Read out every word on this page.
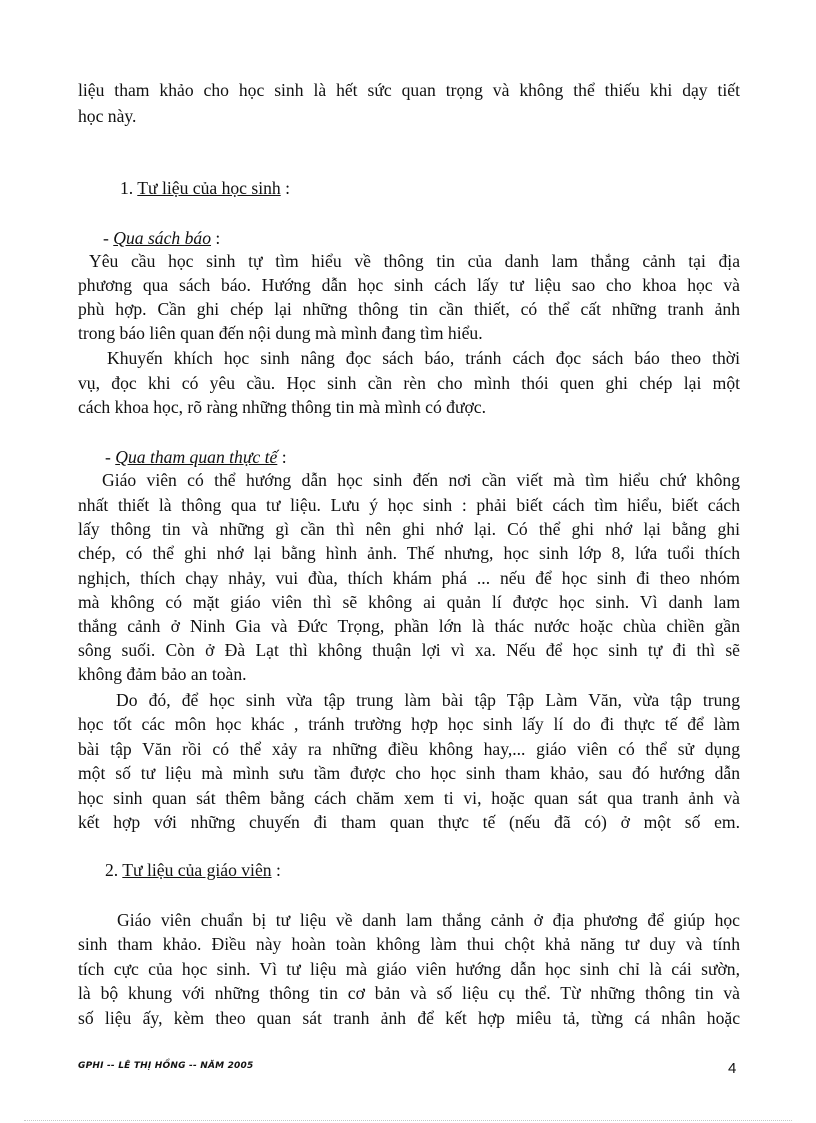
liệu tham khảo cho học sinh là hết sức quan trọng và không thể thiếu khi dạy tiết
học này.
1. Tư liệu của học sinh :
- Qua sách báo :
Yêu cầu học sinh tự tìm hiểu về thông tin của danh lam thắng cảnh tại địa
phương qua sách báo. Hướng dẫn học sinh cách lấy tư liệu sao cho khoa học và
phù hợp. Cần ghi chép lại những thông tin cần thiết, có thể cất những tranh ảnh
trong báo liên quan đến nội dung mà mình đang tìm hiểu.
Khuyến khích học sinh nâng đọc sách báo, tránh cách đọc sách báo theo thời
vụ, đọc khi có yêu cầu. Học sinh cần rèn cho mình thói quen ghi chép lại một
cách khoa học, rõ ràng những thông tin mà mình có được.
- Qua tham quan thực tế :
Giáo viên có thể hướng dẫn học sinh đến nơi cần viết mà tìm hiểu chứ không
nhất thiết là thông qua tư liệu. Lưu ý học sinh : phải biết cách tìm hiểu, biết cách
lấy thông tin và những gì cần thì nên ghi nhớ lại. Có thể ghi nhớ lại bằng ghi
chép, có thể ghi nhớ lại bằng hình ảnh. Thế nhưng, học sinh lớp 8, lứa tuổi thích
nghịch, thích chạy nhảy, vui đùa, thích khám phá ... nếu để học sinh đi theo nhóm
mà không có mặt giáo viên thì sẽ không ai quản lí được học sinh. Vì danh lam
thắng cảnh ở Ninh Gia và Đức Trọng, phần lớn là thác nước hoặc chùa chiền gần
sông suối. Còn ở Đà Lạt thì không thuận lợi vì xa. Nếu để học sinh tự đi thì sẽ
không đảm bảo an toàn.
Do đó, để học sinh vừa tập trung làm bài tập Tập Làm Văn, vừa tập trung
học tốt các môn học khác , tránh trường hợp học sinh lấy lí do đi thực tế để làm
bài tập Văn rồi có thể xảy ra những điều không hay,... giáo viên có thể sử dụng
một số tư liệu mà mình sưu tầm được cho học sinh tham khảo, sau đó hướng dẫn
học sinh quan sát thêm bằng cách chăm xem ti vi, hoặc quan sát qua tranh ảnh và
kết hợp với những chuyến đi tham quan thực tế (nếu đã có) ở một số em.
2. Tư liệu của giáo viên :
Giáo viên chuẩn bị tư liệu về danh lam thắng cảnh ở địa phương để giúp học
sinh tham khảo. Điều này hoàn toàn không làm thui chột khả năng tư duy và tính
tích cực của học sinh. Vì tư liệu mà giáo viên hướng dẫn học sinh chỉ là cái sườn,
là bộ khung với những thông tin cơ bản và số liệu cụ thể. Từ những thông tin và
số liệu ấy, kèm theo quan sát tranh ảnh để kết hợp miêu tả, từng cá nhân hoặc
GPHI -- LÊ THỊ HỒNG -- NĂM 2005	4
